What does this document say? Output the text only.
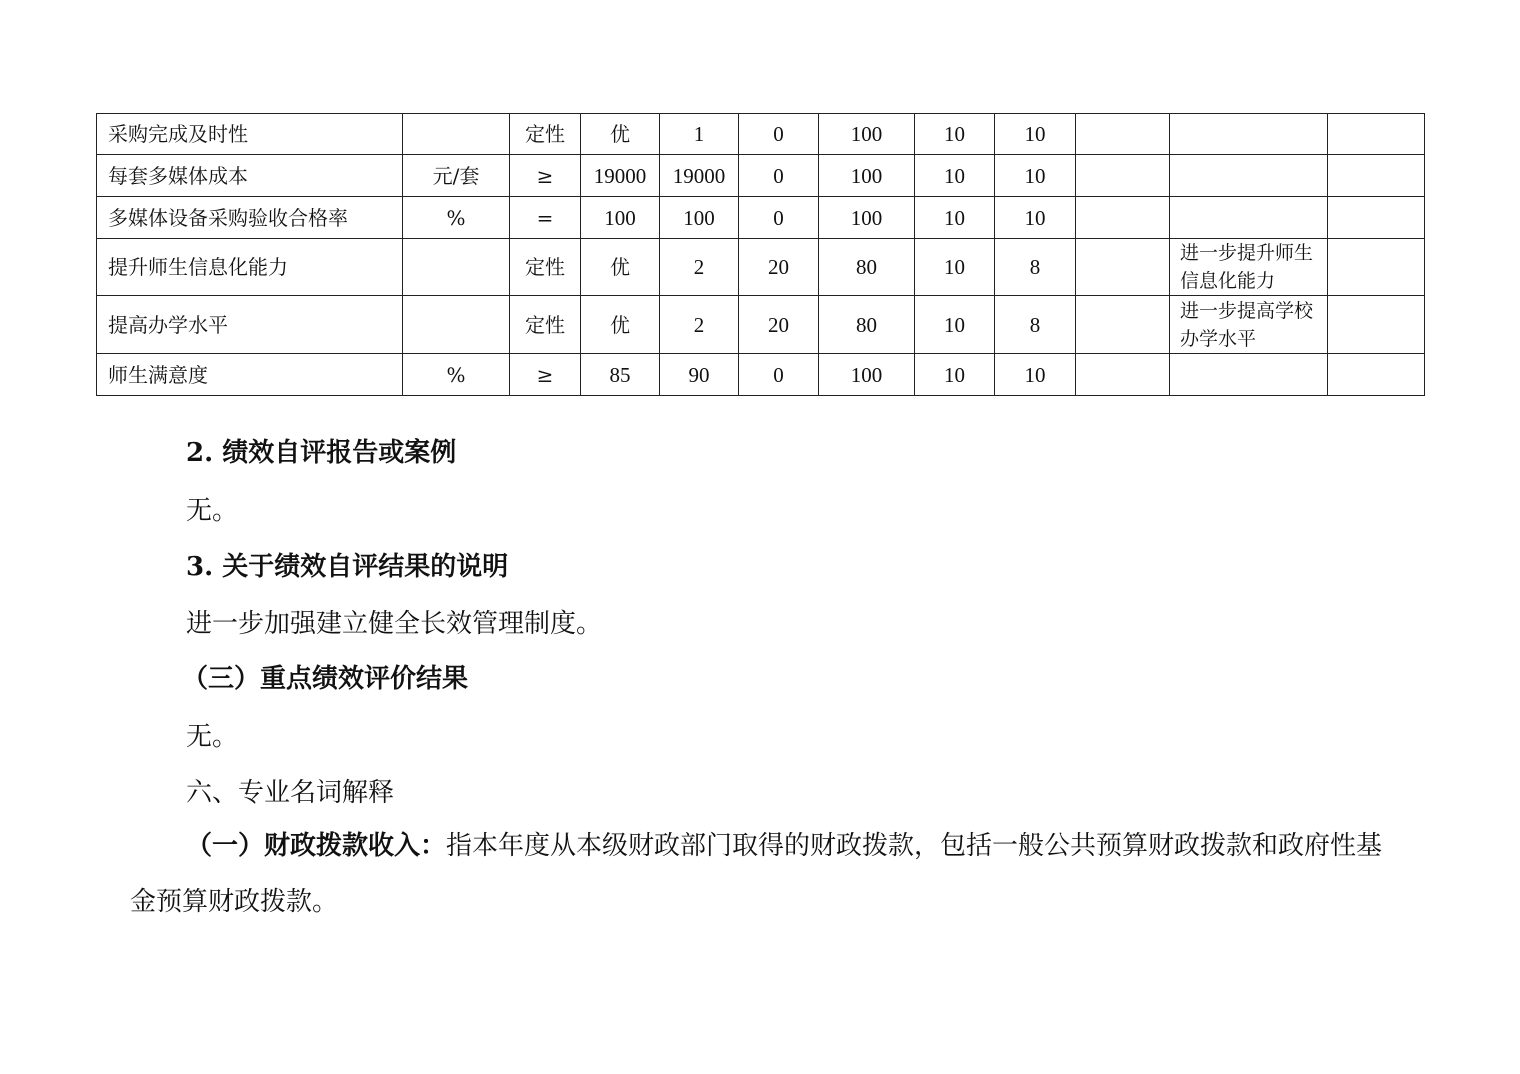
采购完成及时性		定性	优	1	0	100	10	10			
每套多媒体成本	元/套	≥	19000	19000	0	100	10	10			
多媒体设备采购验收合格率	%	=	100	100	0	100	10	10			
提升师生信息化能力		定性	优	2	20	80	10	8		进一步提升师生信息化能力	
提高办学水平		定性	优	2	20	80	10	8		进一步提高学校办学水平	
师生满意度	%	≥	85	90	0	100	10	10			
2. 绩效自评报告或案例
无。
3. 关于绩效自评结果的说明
进一步加强建立健全长效管理制度。
（三）重点绩效评价结果
无。
六、专业名词解释
（一）财政拨款收入：指本年度从本级财政部门取得的财政拨款，包括一般公共预算财政拨款和政府性基金预算财政拨款。
